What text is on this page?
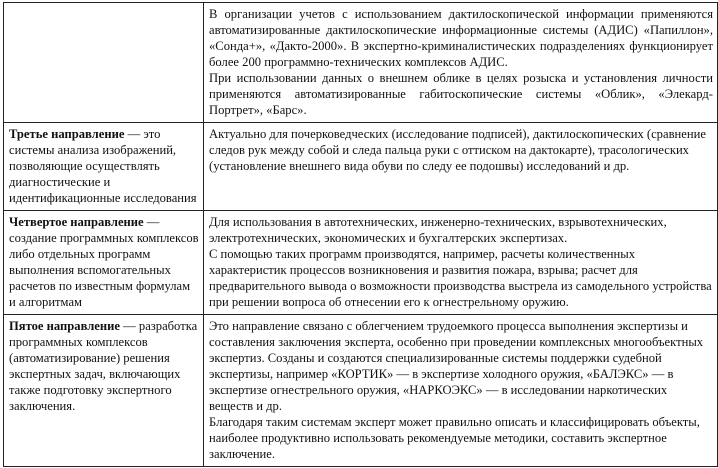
	В организации учетов с использованием дактилоскопической информации применяются автоматизированные дактилоскопические информационные системы (АДИС) «Папиллон», «Сонда+», «Дакто-2000». В экспертно-криминалистических подразделениях функционирует более 200 программно-технических комплексов АДИС.
При использовании данных о внешнем облике в целях розыска и установления личности применяются автоматизированные габитоскопические системы «Облик», «Элекард-Портрет», «Барс».

Третье направление — это системы анализа изображений, позволяющие осуществлять диагностические и идентификационные исследования	Актуально для почерковедческих (исследование подписей), дактилоскопических (сравнение следов рук между собой и следа пальца руки с оттиском на дактокарте), трасологических (установление внешнего вида обуви по следу ее подошвы) исследований и др.

Четвертое направление — создание программных комплексов либо отдельных программ выполнения вспомогательных расчетов по известным формулам и алгоритмам	Для использования в автотехнических, инженерно-технических, взрывотехнических, электротехнических, экономических и бухгалтерских экспертизах.
С помощью таких программ производятся, например, расчеты количественных характеристик процессов возникновения и развития пожара, взрыва; расчет для предварительного вывода о возможности производства выстрела из самодельного устройства при решении вопроса об отнесении его к огнестрельному оружию.

Пятое направление — разработка программных комплексов (автоматизирование) решения экспертных задач, включающих также подготовку экспертного заключения.	Это направление связано с облегчением трудоемкого процесса выполнения экспертизы и составления заключения эксперта, особенно при проведении комплексных многообъектных экспертиз. Созданы и создаются специализированные системы поддержки судебной экспертизы, например «КОРТИК» — в экспертизе холодного оружия, «БАЛЭКС» — в экспертизе огнестрельного оружия, «НАРКОЭКС» — в исследовании наркотических веществ и др.
Благодаря таким системам эксперт может правильно описать и классифицировать объекты, наиболее продуктивно использовать рекомендуемые методики, составить экспертное заключение.
